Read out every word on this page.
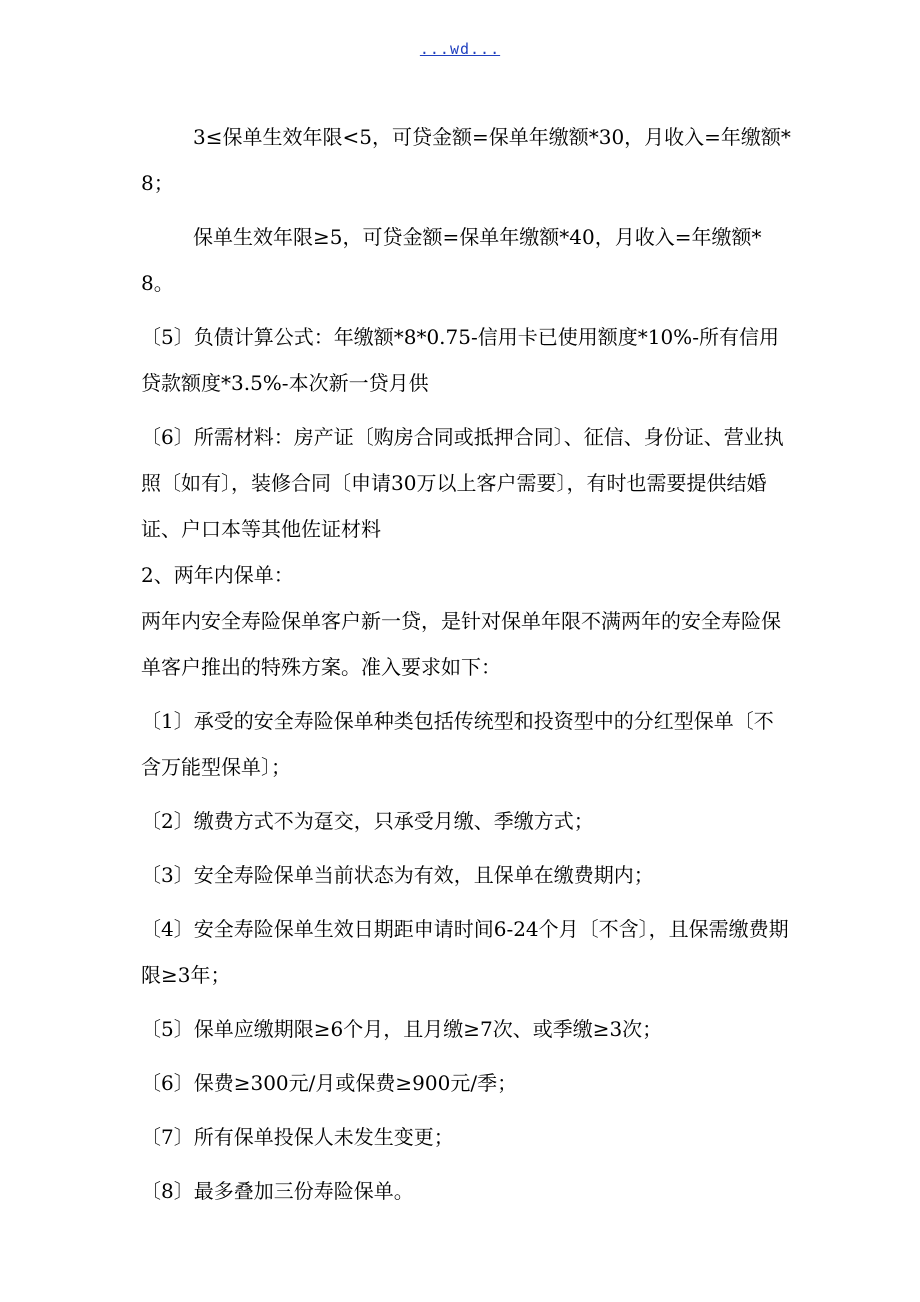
...wd...

3≤保单生效年限<5，可贷金额=保单年缴额*30，月收入=年缴额*8；

保单生效年限≥5，可贷金额=保单年缴额*40，月收入=年缴额*8。

〔5〕负债计算公式：年缴额*8*0.75-信用卡已使用额度*10%-所有信用贷款额度*3.5%-本次新一贷月供

〔6〕所需材料：房产证〔购房合同或抵押合同〕、征信、身份证、营业执照〔如有〕，装修合同〔申请30万以上客户需要〕，有时也需要提供结婚证、户口本等其他佐证材料

2、两年内保单：

两年内安全寿险保单客户新一贷，是针对保单年限不满两年的安全寿险保单客户推出的特殊方案。准入要求如下：

〔1〕承受的安全寿险保单种类包括传统型和投资型中的分红型保单〔不含万能型保单〕；

〔2〕缴费方式不为趸交，只承受月缴、季缴方式；

〔3〕安全寿险保单当前状态为有效，且保单在缴费期内；

〔4〕安全寿险保单生效日期距申请时间6-24个月〔不含〕，且保需缴费期限≥3年；

〔5〕保单应缴期限≥6个月，且月缴≥7次、或季缴≥3次；

〔6〕保费≥300元/月或保费≥900元/季；

〔7〕所有保单投保人未发生变更；

〔8〕最多叠加三份寿险保单。
